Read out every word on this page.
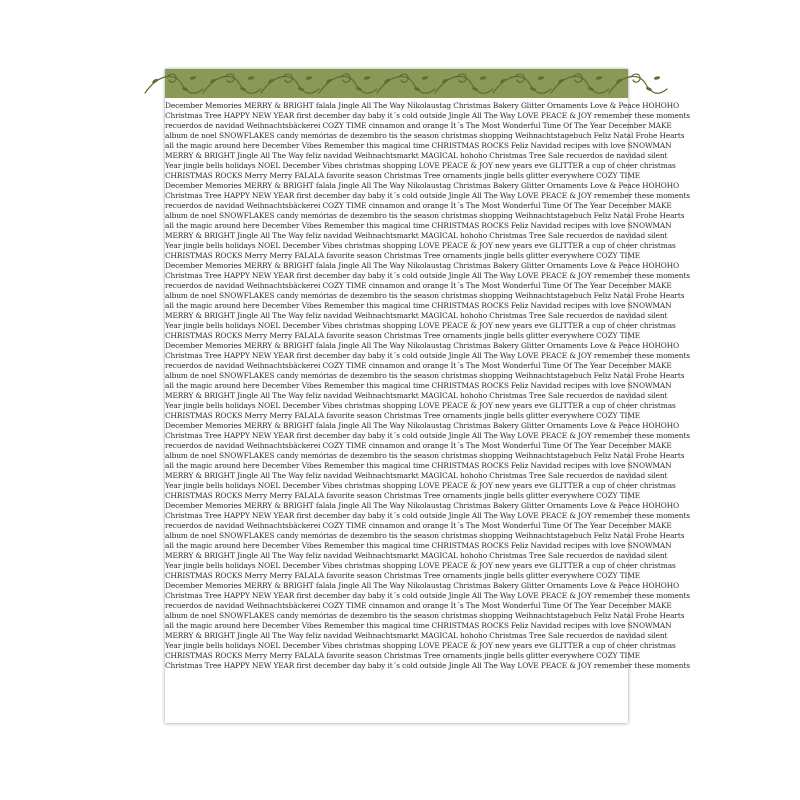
December Memories MERRY & BRIGHT falala Jingle All The Way Nikolaustag Christmas Bakery Glitter Ornaments Love & Peace HOHOHO
Christmas Tree HAPPY NEW YEAR first december day baby it´s cold outside Jingle All The Way LOVE PEACE & JOY remember these moments
recuerdos de navidad Weihnachtsbäckerei COZY TIME cinnamon and orange It´s The Most Wonderful Time Of The Year December MAKE
album de noel SNOWFLAKES candy memórias de dezembro tis the season christmas shopping Weihnachtstagebuch Feliz Natal Frohe Hearts
all the magic around here December Vibes Remember this magical time CHRISTMAS ROCKS Feliz Navidad recipes with love SNOWMAN
MERRY & BRIGHT Jingle All The Way feliz navidad Weihnachtsmarkt MAGICAL hohoho Christmas Tree Sale recuerdos de navidad silent
Year jingle bells holidays NOEL December Vibes christmas shopping LOVE PEACE & JOY new years eve GLITTER a cup of cheer christmas
CHRISTMAS ROCKS Merry Merry FALALA favorite season Christmas Tree ornaments jingle bells glitter everywhere COZY TIME
December Memories MERRY & BRIGHT falala Jingle All The Way Nikolaustag Christmas Bakery Glitter Ornaments Love & Peace HOHOHO
Christmas Tree HAPPY NEW YEAR first december day baby it´s cold outside Jingle All The Way LOVE PEACE & JOY remember these moments
recuerdos de navidad Weihnachtsbäckerei COZY TIME cinnamon and orange It´s The Most Wonderful Time Of The Year December MAKE
album de noel SNOWFLAKES candy memórias de dezembro tis the season christmas shopping Weihnachtstagebuch Feliz Natal Frohe Hearts
all the magic around here December Vibes Remember this magical time CHRISTMAS ROCKS Feliz Navidad recipes with love SNOWMAN
MERRY & BRIGHT Jingle All The Way feliz navidad Weihnachtsmarkt MAGICAL hohoho Christmas Tree Sale recuerdos de navidad silent
Year jingle bells holidays NOEL December Vibes christmas shopping LOVE PEACE & JOY new years eve GLITTER a cup of cheer christmas
CHRISTMAS ROCKS Merry Merry FALALA favorite season Christmas Tree ornaments jingle bells glitter everywhere COZY TIME
December Memories MERRY & BRIGHT falala Jingle All The Way Nikolaustag Christmas Bakery Glitter Ornaments Love & Peace HOHOHO
Christmas Tree HAPPY NEW YEAR first december day baby it´s cold outside Jingle All The Way LOVE PEACE & JOY remember these moments
recuerdos de navidad Weihnachtsbäckerei COZY TIME cinnamon and orange It´s The Most Wonderful Time Of The Year December MAKE
album de noel SNOWFLAKES candy memórias de dezembro tis the season christmas shopping Weihnachtstagebuch Feliz Natal Frohe Hearts
all the magic around here December Vibes Remember this magical time CHRISTMAS ROCKS Feliz Navidad recipes with love SNOWMAN
MERRY & BRIGHT Jingle All The Way feliz navidad Weihnachtsmarkt MAGICAL hohoho Christmas Tree Sale recuerdos de navidad silent
Year jingle bells holidays NOEL December Vibes christmas shopping LOVE PEACE & JOY new years eve GLITTER a cup of cheer christmas
CHRISTMAS ROCKS Merry Merry FALALA favorite season Christmas Tree ornaments jingle bells glitter everywhere COZY TIME
December Memories MERRY & BRIGHT falala Jingle All The Way Nikolaustag Christmas Bakery Glitter Ornaments Love & Peace HOHOHO
Christmas Tree HAPPY NEW YEAR first december day baby it´s cold outside Jingle All The Way LOVE PEACE & JOY remember these moments
recuerdos de navidad Weihnachtsbäckerei COZY TIME cinnamon and orange It´s The Most Wonderful Time Of The Year December MAKE
album de noel SNOWFLAKES candy memórias de dezembro tis the season christmas shopping Weihnachtstagebuch Feliz Natal Frohe Hearts
all the magic around here December Vibes Remember this magical time CHRISTMAS ROCKS Feliz Navidad recipes with love SNOWMAN
MERRY & BRIGHT Jingle All The Way feliz navidad Weihnachtsmarkt MAGICAL hohoho Christmas Tree Sale recuerdos de navidad silent
Year jingle bells holidays NOEL December Vibes christmas shopping LOVE PEACE & JOY new years eve GLITTER a cup of cheer christmas
CHRISTMAS ROCKS Merry Merry FALALA favorite season Christmas Tree ornaments jingle bells glitter everywhere COZY TIME
December Memories MERRY & BRIGHT falala Jingle All The Way Nikolaustag Christmas Bakery Glitter Ornaments Love & Peace HOHOHO
Christmas Tree HAPPY NEW YEAR first december day baby it´s cold outside Jingle All The Way LOVE PEACE & JOY remember these moments
recuerdos de navidad Weihnachtsbäckerei COZY TIME cinnamon and orange It´s The Most Wonderful Time Of The Year December MAKE
album de noel SNOWFLAKES candy memórias de dezembro tis the season christmas shopping Weihnachtstagebuch Feliz Natal Frohe Hearts
all the magic around here December Vibes Remember this magical time CHRISTMAS ROCKS Feliz Navidad recipes with love SNOWMAN
MERRY & BRIGHT Jingle All The Way feliz navidad Weihnachtsmarkt MAGICAL hohoho Christmas Tree Sale recuerdos de navidad silent
Year jingle bells holidays NOEL December Vibes christmas shopping LOVE PEACE & JOY new years eve GLITTER a cup of cheer christmas
CHRISTMAS ROCKS Merry Merry FALALA favorite season Christmas Tree ornaments jingle bells glitter everywhere COZY TIME
December Memories MERRY & BRIGHT falala Jingle All The Way Nikolaustag Christmas Bakery Glitter Ornaments Love & Peace HOHOHO
Christmas Tree HAPPY NEW YEAR first december day baby it´s cold outside Jingle All The Way LOVE PEACE & JOY remember these moments
recuerdos de navidad Weihnachtsbäckerei COZY TIME cinnamon and orange It´s The Most Wonderful Time Of The Year December MAKE
album de noel SNOWFLAKES candy memórias de dezembro tis the season christmas shopping Weihnachtstagebuch Feliz Natal Frohe Hearts
all the magic around here December Vibes Remember this magical time CHRISTMAS ROCKS Feliz Navidad recipes with love SNOWMAN
MERRY & BRIGHT Jingle All The Way feliz navidad Weihnachtsmarkt MAGICAL hohoho Christmas Tree Sale recuerdos de navidad silent
Year jingle bells holidays NOEL December Vibes christmas shopping LOVE PEACE & JOY new years eve GLITTER a cup of cheer christmas
CHRISTMAS ROCKS Merry Merry FALALA favorite season Christmas Tree ornaments jingle bells glitter everywhere COZY TIME
December Memories MERRY & BRIGHT falala Jingle All The Way Nikolaustag Christmas Bakery Glitter Ornaments Love & Peace HOHOHO
Christmas Tree HAPPY NEW YEAR first december day baby it´s cold outside Jingle All The Way LOVE PEACE & JOY remember these moments
recuerdos de navidad Weihnachtsbäckerei COZY TIME cinnamon and orange It´s The Most Wonderful Time Of The Year December MAKE
album de noel SNOWFLAKES candy memórias de dezembro tis the season christmas shopping Weihnachtstagebuch Feliz Natal Frohe Hearts
all the magic around here December Vibes Remember this magical time CHRISTMAS ROCKS Feliz Navidad recipes with love SNOWMAN
MERRY & BRIGHT Jingle All The Way feliz navidad Weihnachtsmarkt MAGICAL hohoho Christmas Tree Sale recuerdos de navidad silent
Year jingle bells holidays NOEL December Vibes christmas shopping LOVE PEACE & JOY new years eve GLITTER a cup of cheer christmas
CHRISTMAS ROCKS Merry Merry FALALA favorite season Christmas Tree ornaments jingle bells glitter everywhere COZY TIME
Christmas Tree HAPPY NEW YEAR first december day baby it´s cold outside Jingle All The Way LOVE PEACE & JOY remember these moments
